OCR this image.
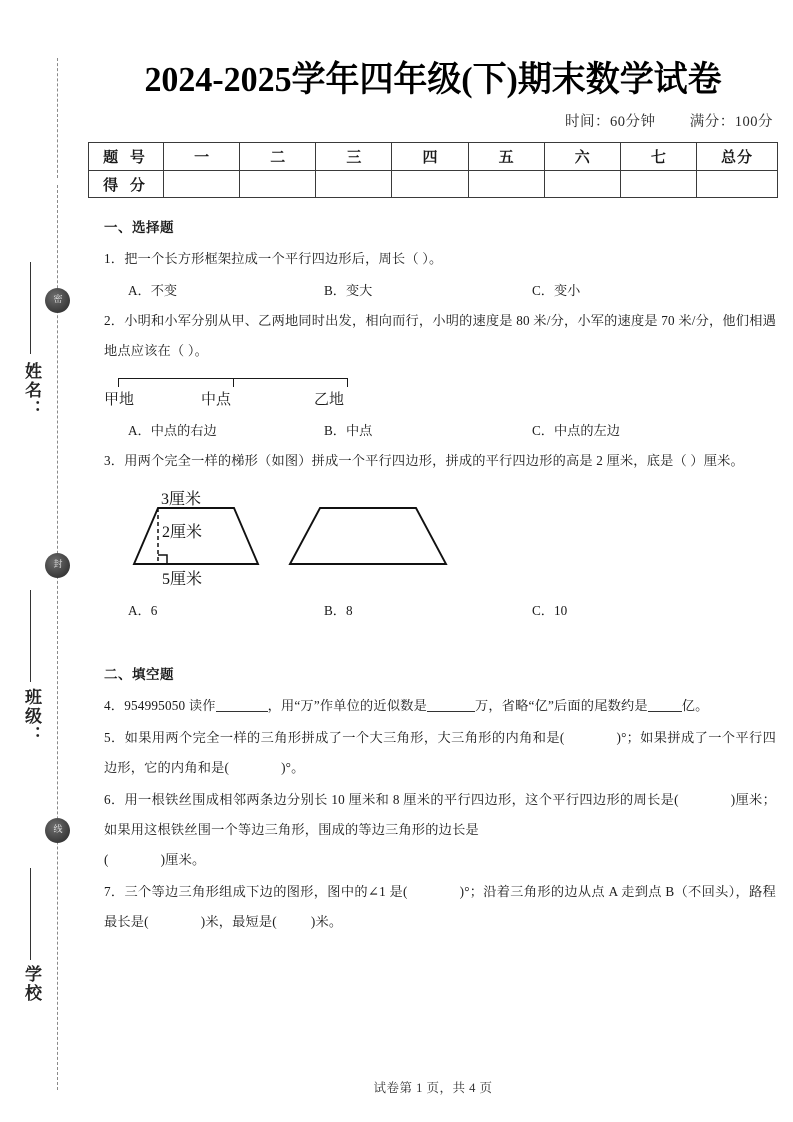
密
封
线
姓名：
班级：
学校
2024-2025学年四年级(下)期末数学试卷
时间：60分钟 满分：100分
题 号	一	二	三	四	五	六	七	总分
得 分								
一、选择题
1．把一个长方形框架拉成一个平行四边形后，周长（ ）。
A．不变	B．变大	C．变小
2．小明和小军分别从甲、乙两地同时出发，相向而行，小明的速度是 80 米/分，小军的速度是 70 米/分，他们相遇地点应该在（ ）。
甲地	中点	乙地
A．中点的右边	B．中点	C．中点的左边
3．用两个完全一样的梯形（如图）拼成一个平行四边形，拼成的平行四边形的高是 2 厘米，底是（ ）厘米。
3厘米
2厘米
5厘米
A．6	B．8	C．10
二、填空题
4．954995050 读作	，用“万”作单位的近似数是	万，省略“亿”后面的尾数约是	亿。
5．如果用两个完全一样的三角形拼成了一个大三角形，大三角形的内角和是(	)°；如果拼成了一个平行四边形，它的内角和是(	)°。
6．用一根铁丝围成相邻两条边分别长 10 厘米和 8 厘米的平行四边形，这个平行四边形的周长是(	)厘米；如果用这根铁丝围一个等边三角形，围成的等边三角形的边长是
(	)厘米。
7．三个等边三角形组成下边的图形，图中的∠1 是(	)°；沿着三角形的边从点 A 走到点 B（不回头），路程最长是(	)米，最短是(	)米。
试卷第 1 页，共 4 页
